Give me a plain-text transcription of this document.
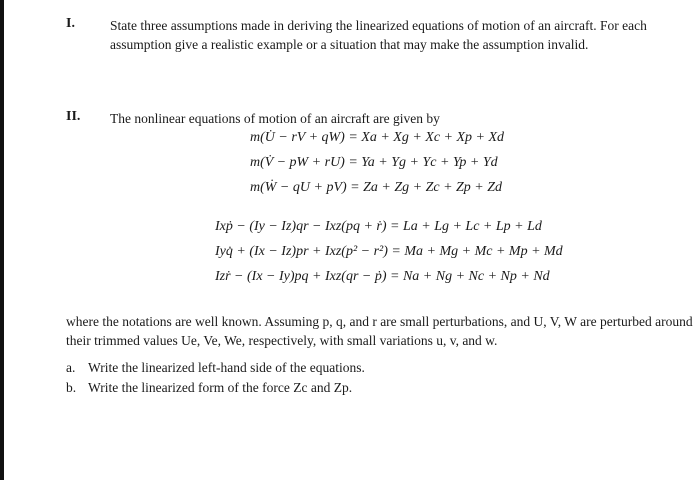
I.	State three assumptions made in deriving the linearized equations of motion of an aircraft. For each assumption give a realistic example or a situation that may make the assumption invalid.
II. The nonlinear equations of motion of an aircraft are given by
m(U̇ − rV + qW) = Xa + Xg + Xc + Xp + Xd
m(V̇ − pW + rU) = Ya + Yg + Yc + Yp + Yd
m(Ẇ − qU + pV) = Za + Zg + Zc + Zp + Zd
Ixṗ − (Iy − Iz)qr − Ixz(pq + ṙ) = La + Lg + Lc + Lp + Ld
Iyq̇ + (Ix − Iz)pr + Ixz(p² − r²) = Ma + Mg + Mc + Mp + Md
Izṙ − (Ix − Iy)pq + Ixz(qr − ṗ) = Na + Ng + Nc + Np + Nd
where the notations are well known. Assuming p, q, and r are small perturbations, and U, V, W are perturbed around
their trimmed values Ue, Ve, We, respectively, with small variations u, v, and w.
a. Write the linearized left-hand side of the equations.
b. Write the linearized form of the force Zc and Zp.
